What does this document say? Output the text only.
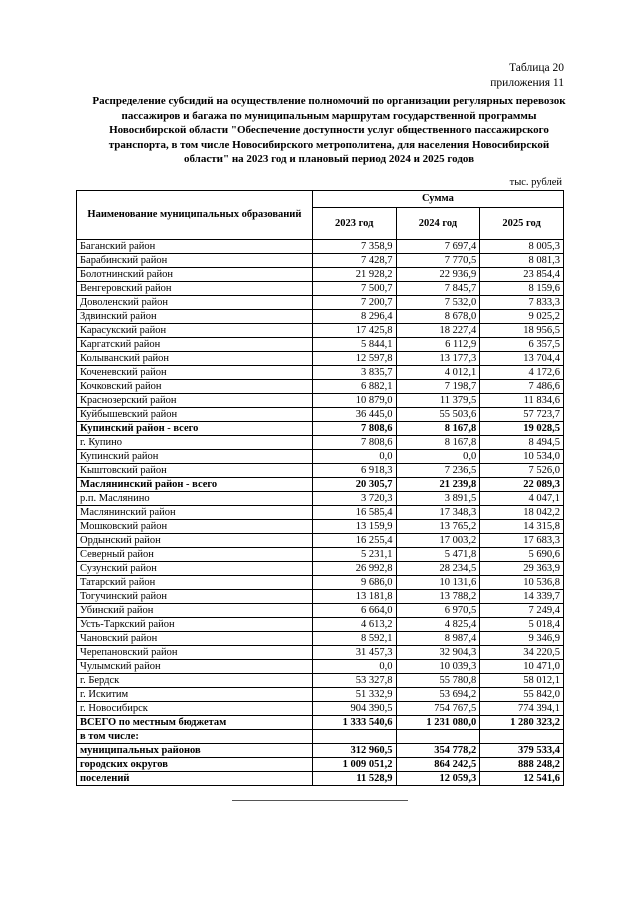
Таблица 20
приложения 11
Распределение субсидий на осуществление полномочий по организации регулярных перевозок пассажиров и багажа по муниципальным маршрутам государственной программы Новосибирской области "Обеспечение доступности услуг общественного пассажирского транспорта, в том числе Новосибирского метрополитена, для населения Новосибирской области" на 2023 год и плановый период 2024 и 2025 годов
тыс. рублей
Наименование муниципальных образований	Сумма		
	2023 год	2024 год	2025 год
Баганский район	7 358,9	7 697,4	8 005,3
Барабинский район	7 428,7	7 770,5	8 081,3
Болотнинский район	21 928,2	22 936,9	23 854,4
Венгеровский район	7 500,7	7 845,7	8 159,6
Доволенский район	7 200,7	7 532,0	7 833,3
Здвинский район	8 296,4	8 678,0	9 025,2
Карасукский район	17 425,8	18 227,4	18 956,5
Каргатский район	5 844,1	6 112,9	6 357,5
Колыванский район	12 597,8	13 177,3	13 704,4
Коченевский район	3 835,7	4 012,1	4 172,6
Кочковский район	6 882,1	7 198,7	7 486,6
Краснозерский район	10 879,0	11 379,5	11 834,6
Куйбышевский район	36 445,0	55 503,6	57 723,7
Купинский район - всего	7 808,6	8 167,8	19 028,5
г. Купино	7 808,6	8 167,8	8 494,5
Купинский район	0,0	0,0	10 534,0
Кыштовский район	6 918,3	7 236,5	7 526,0
Маслянинский район - всего	20 305,7	21 239,8	22 089,3
р.п. Маслянино	3 720,3	3 891,5	4 047,1
Маслянинский район	16 585,4	17 348,3	18 042,2
Мошковский район	13 159,9	13 765,2	14 315,8
Ордынский район	16 255,4	17 003,2	17 683,3
Северный район	5 231,1	5 471,8	5 690,6
Сузунский район	26 992,8	28 234,5	29 363,9
Татарский район	9 686,0	10 131,6	10 536,8
Тогучинский район	13 181,8	13 788,2	14 339,7
Убинский район	6 664,0	6 970,5	7 249,4
Усть-Таркский район	4 613,2	4 825,4	5 018,4
Чановский район	8 592,1	8 987,4	9 346,9
Черепановский район	31 457,3	32 904,3	34 220,5
Чулымский район	0,0	10 039,3	10 471,0
г. Бердск	53 327,8	55 780,8	58 012,1
г. Искитим	51 332,9	53 694,2	55 842,0
г. Новосибирск	904 390,5	754 767,5	774 394,1
ВСЕГО по местным бюджетам	1 333 540,6	1 231 080,0	1 280 323,2
в том числе:			
муниципальных районов	312 960,5	354 778,2	379 533,4
городских округов	1 009 051,2	864 242,5	888 248,2
поселений	11 528,9	12 059,3	12 541,6
